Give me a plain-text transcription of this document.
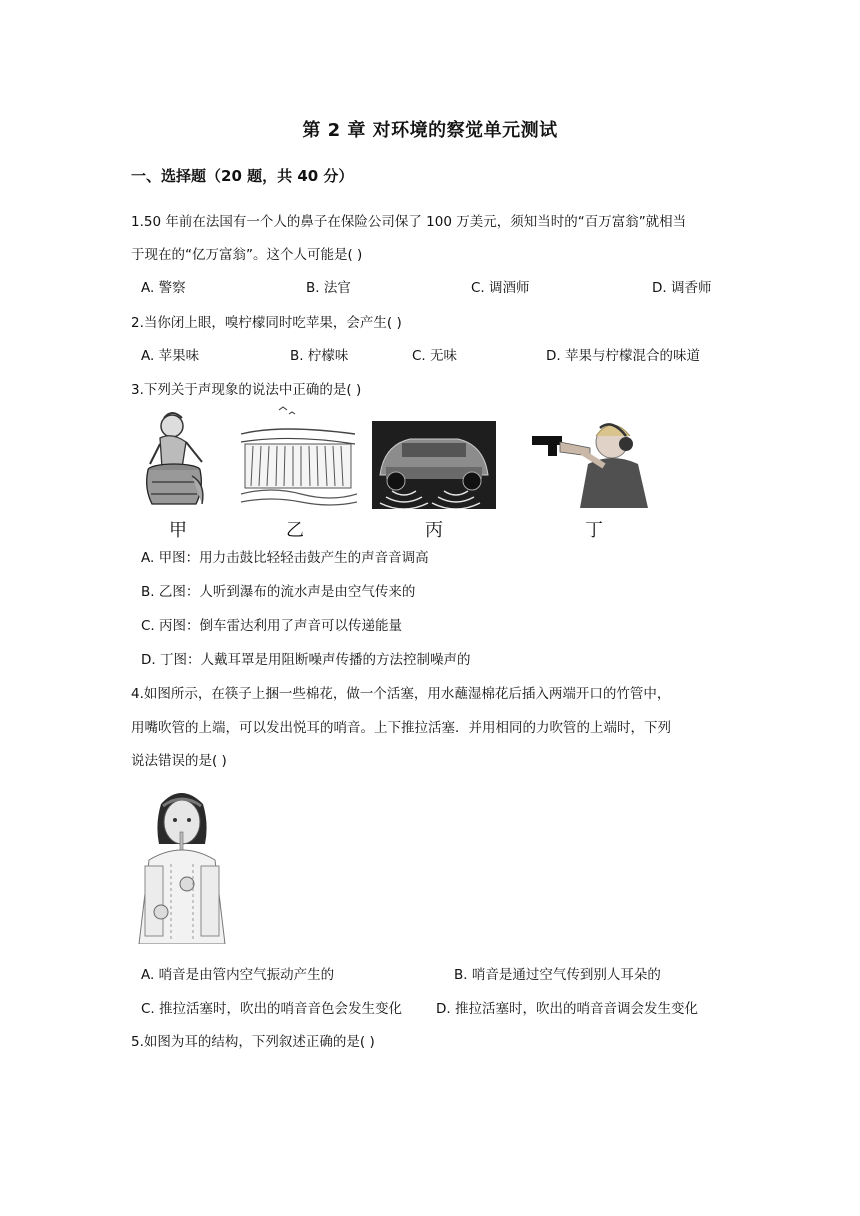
第 2 章 对环境的察觉单元测试
一、选择题（20 题，共 40 分）
1.50 年前在法国有一个人的鼻子在保险公司保了 100 万美元，须知当时的“百万富翁”就相当
于现在的“亿万富翁”。这个人可能是( )
A. 警察	B. 法官	C. 调酒师	D. 调香师
2.当你闭上眼，嗅柠檬同时吃苹果，会产生( )
A. 苹果味	B. 柠檬味	C. 无味	D. 苹果与柠檬混合的味道
3.下列关于声现象的说法中正确的是( )
甲	乙	丙	丁
A. 甲图：用力击鼓比轻轻击鼓产生的声音音调高
B. 乙图：人听到瀑布的流水声是由空气传来的
C. 丙图：倒车雷达利用了声音可以传递能量
D. 丁图：人戴耳罩是用阻断噪声传播的方法控制噪声的
4.如图所示，在筷子上捆一些棉花，做一个活塞，用水蘸湿棉花后插入两端开口的竹管中，
用嘴吹管的上端，可以发出悦耳的哨音。上下推拉活塞．并用相同的力吹管的上端时，下列
说法错误的是( )
A. 哨音是由管内空气振动产生的	B. 哨音是通过空气传到别人耳朵的
C. 推拉活塞时，吹出的哨音音色会发生变化	D. 推拉活塞时，吹出的哨音音调会发生变化
5.如图为耳的结构，下列叙述正确的是( )
